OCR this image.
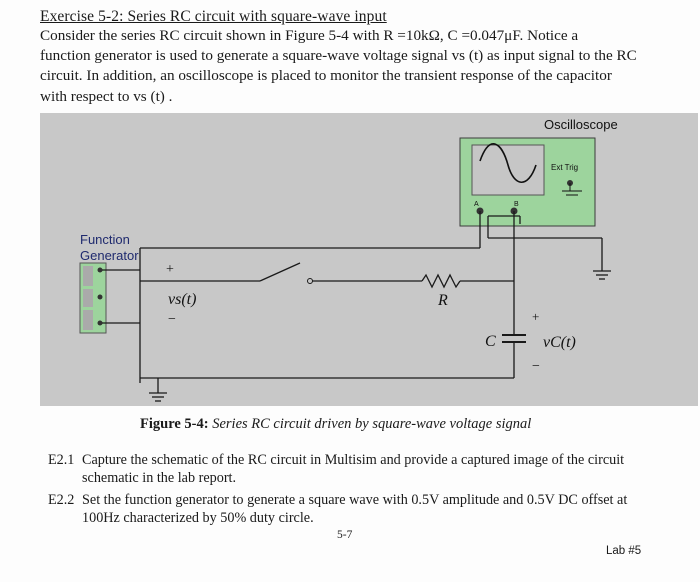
Exercise 5-2: Series RC circuit with square-wave input

Consider the series RC circuit shown in Figure 5-4 with R =10kΩ, C =0.047μF. Notice a

function generator is used to generate a square-wave voltage signal vs (t) as input signal to the RC

circuit. In addition, an oscilloscope is placed to monitor the transient response of the capacitor

with respect to vs (t) .

Oscilloscope
Ext Trig
A	B
Function
Generator
+
vs(t)
−
R
C
+
vC(t)
−
Figure 5-4: Series RC circuit driven by square-wave voltage signal
E2.1 Capture the schematic of the RC circuit in Multisim and provide a captured image of the circuit schematic in the lab report.
E2.2 Set the function generator to generate a square wave with 0.5V amplitude and 0.5V DC offset at 100Hz characterized by 50% duty circle.
5-7
Lab #5
